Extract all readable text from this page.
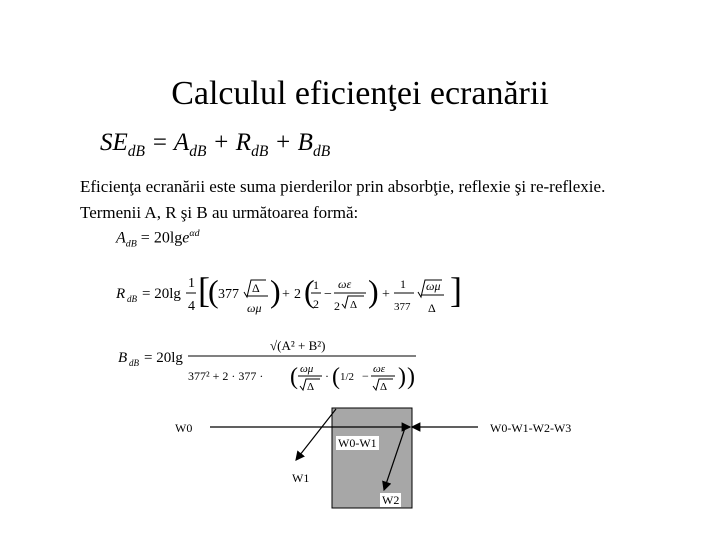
Calculul eficienţei ecranării
$SE_{dB} = A_{dB} + R_{dB} + B_{dB}$
Eficienţa ecranării este suma pierderilor prin absorbţie, reflexie şi re-reflexie.
Termenii A, R şi B au următoarea formă:
$A_{dB} = 20\lg e^{\alpha d}$
R dB = 20lg
1
4 [
( 377 Δ
ωμ ) + 2 (
1
2
−
ωε
2 Δ ) +
1
377
ωμ
Δ ]
B dB = 20lg
√(A² + B²)
377² + 2 · 377 · ( ωμ
Δ
· ( 1/2 − ωε
Δ ) )
W0
W0-W1
W1
W2
W0-W1-W2-W3
